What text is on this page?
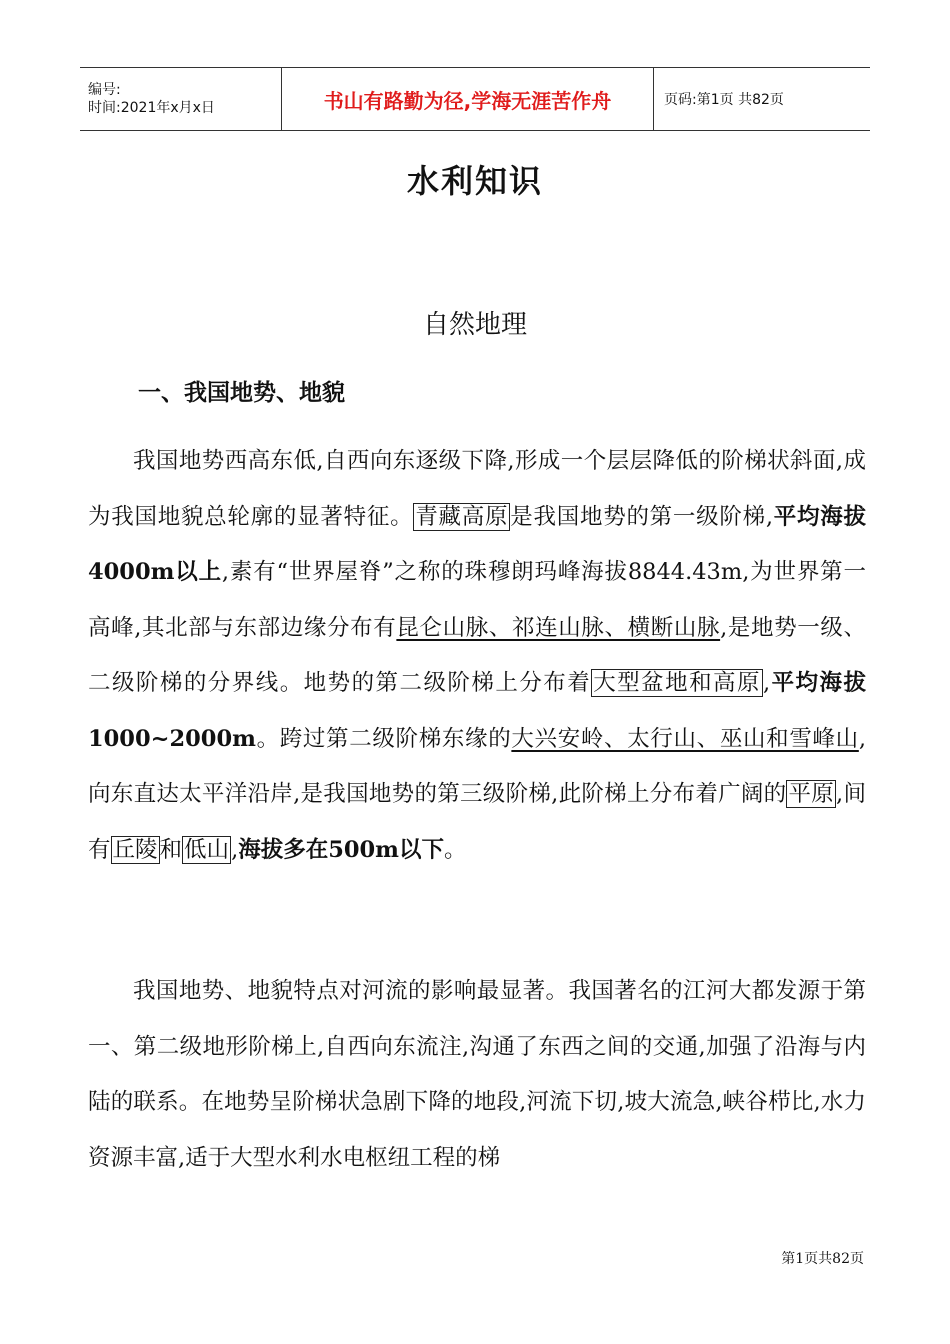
编号:
时间:2021年x月x日	书山有路勤为径,学海无涯苦作舟	页码:第1页 共82页
水利知识
自然地理
一、我国地势、地貌

我国地势西高东低,自西向东逐级下降,形成一个层层降低的阶梯状斜面,成为我国地貌总轮廓的显著特征。青藏高原是我国地势的第一级阶梯,平均海拔4000m以上,素有“世界屋脊”之称的珠穆朗玛峰海拔8844.43m,为世界第一高峰,其北部与东部边缘分布有昆仑山脉、祁连山脉、横断山脉,是地势一级、二级阶梯的分界线。地势的第二级阶梯上分布着大型盆地和高原,平均海拔1000~2000m。跨过第二级阶梯东缘的大兴安岭、太行山、巫山和雪峰山,向东直达太平洋沿岸,是我国地势的第三级阶梯,此阶梯上分布着广阔的平原,间有丘陵和低山,海拔多在500m以下。

我国地势、地貌特点对河流的影响最显著。我国著名的江河大都发源于第一、第二级地形阶梯上,自西向东流注,沟通了东西之间的交通,加强了沿海与内陆的联系。在地势呈阶梯状急剧下降的地段,河流下切,坡大流急,峡谷栉比,水力资源丰富,适于大型水利水电枢纽工程的梯

第1页共82页
